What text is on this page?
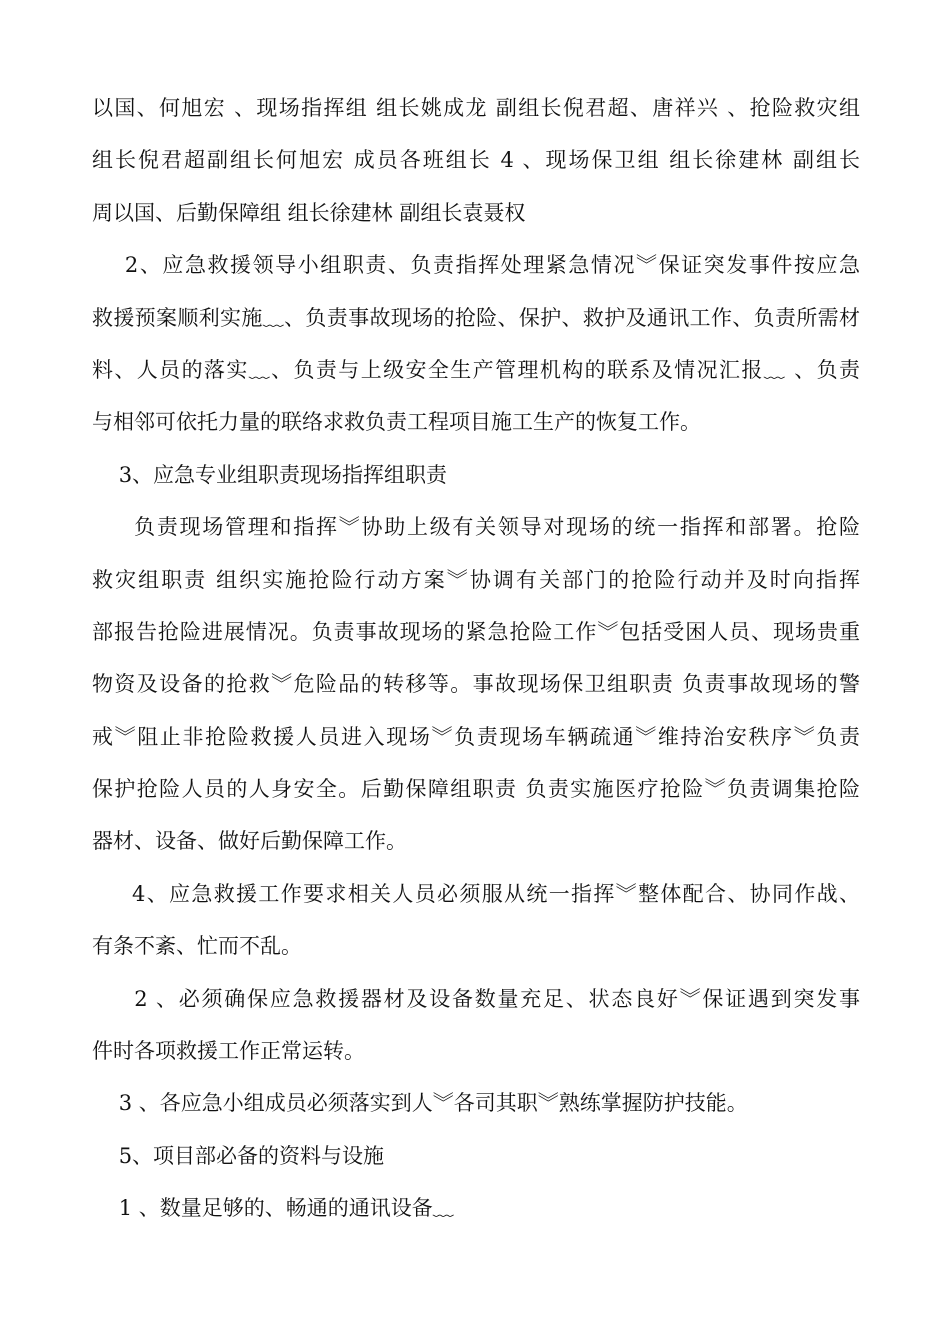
以国、何旭宏 、现场指挥组 组长姚成龙 副组长倪君超、唐祥兴 、抢险救灾组
组长倪君超副组长何旭宏 成员各班组长 4 、现场保卫组 组长徐建林 副组长
周以国、后勤保障组 组长徐建林 副组长袁聂权
2、应急救援领导小组职责、负责指挥处理紧急情况︾保证突发事件按应急
救援预案顺利实施﹏、负责事故现场的抢险、保护、救护及通讯工作、负责所需材
料、人员的落实﹏、负责与上级安全生产管理机构的联系及情况汇报﹏ 、负责
与相邻可依托力量的联络求救负责工程项目施工生产的恢复工作。
3、应急专业组职责现场指挥组职责
负责现场管理和指挥︾协助上级有关领导对现场的统一指挥和部署。抢险
救灾组职责 组织实施抢险行动方案︾协调有关部门的抢险行动并及时向指挥
部报告抢险进展情况。负责事故现场的紧急抢险工作︾包括受困人员、现场贵重
物资及设备的抢救︾危险品的转移等。事故现场保卫组职责 负责事故现场的警
戒︾阻止非抢险救援人员进入现场︾负责现场车辆疏通︾维持治安秩序︾负责
保护抢险人员的人身安全。后勤保障组职责 负责实施医疗抢险︾负责调集抢险
器材、设备、做好后勤保障工作。
4、应急救援工作要求相关人员必须服从统一指挥︾整体配合、协同作战、
有条不紊、忙而不乱。
2 、必须确保应急救援器材及设备数量充足、状态良好︾保证遇到突发事
件时各项救援工作正常运转。
3 、各应急小组成员必须落实到人︾各司其职︾熟练掌握防护技能。
5、项目部必备的资料与设施
1 、数量足够的、畅通的通讯设备﹏
